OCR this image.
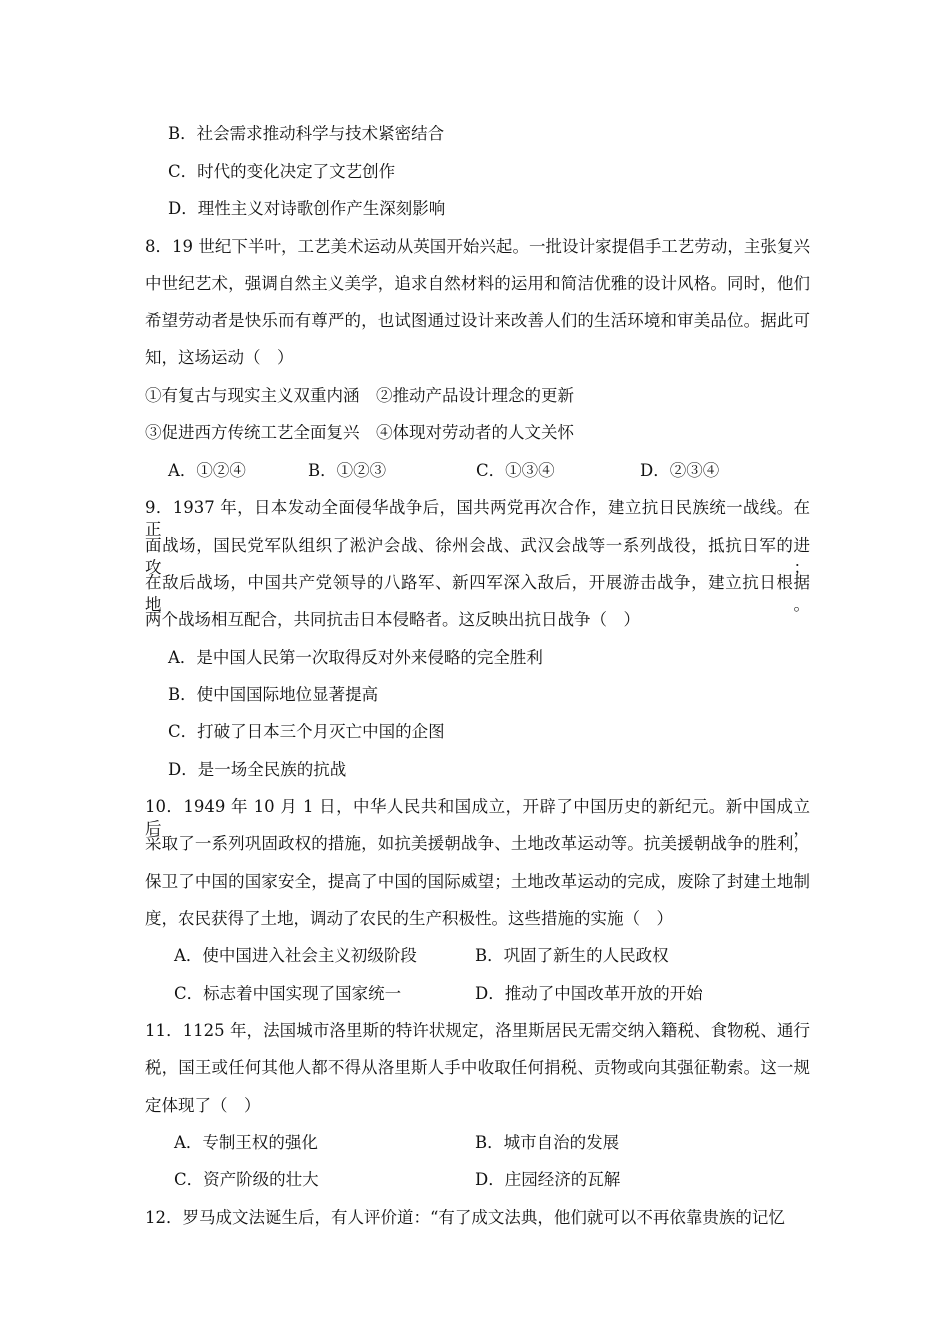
B．社会需求推动科学与技术紧密结合
C．时代的变化决定了文艺创作
D．理性主义对诗歌创作产生深刻影响
8．19 世纪下半叶，工艺美术运动从英国开始兴起。一批设计家提倡手工艺劳动，主张复兴
中世纪艺术，强调自然主义美学，追求自然材料的运用和简洁优雅的设计风格。同时，他们
希望劳动者是快乐而有尊严的，也试图通过设计来改善人们的生活环境和审美品位。据此可
知，这场运动（　）
①有复古与现实主义双重内涵　②推动产品设计理念的更新
③促进西方传统工艺全面复兴　④体现对劳动者的人文关怀
A．①②④	B．①②③	C．①③④	D．②③④
9．1937 年，日本发动全面侵华战争后，国共两党再次合作，建立抗日民族统一战线。在正
面战场，国民党军队组织了淞沪会战、徐州会战、武汉会战等一系列战役，抵抗日军的进攻；
在敌后战场，中国共产党领导的八路军、新四军深入敌后，开展游击战争，建立抗日根据地。
两个战场相互配合，共同抗击日本侵略者。这反映出抗日战争（　）
A．是中国人民第一次取得反对外来侵略的完全胜利
B．使中国国际地位显著提高
C．打破了日本三个月灭亡中国的企图
D．是一场全民族的抗战
10．1949 年 10 月 1 日，中华人民共和国成立，开辟了中国历史的新纪元。新中国成立后，
采取了一系列巩固政权的措施，如抗美援朝战争、土地改革运动等。抗美援朝战争的胜利，
保卫了中国的国家安全，提高了中国的国际威望；土地改革运动的完成，废除了封建土地制
度，农民获得了土地，调动了农民的生产积极性。这些措施的实施（　）
A．使中国进入社会主义初级阶段	B．巩固了新生的人民政权
C．标志着中国实现了国家统一	D．推动了中国改革开放的开始
11．1125 年，法国城市洛里斯的特许状规定，洛里斯居民无需交纳入籍税、食物税、通行
税，国王或任何其他人都不得从洛里斯人手中收取任何捐税、贡物或向其强征勒索。这一规
定体现了（　）
A．专制王权的强化	B．城市自治的发展
C．资产阶级的壮大	D．庄园经济的瓦解
12．罗马成文法诞生后，有人评价道：“有了成文法典，他们就可以不再依靠贵族的记忆
